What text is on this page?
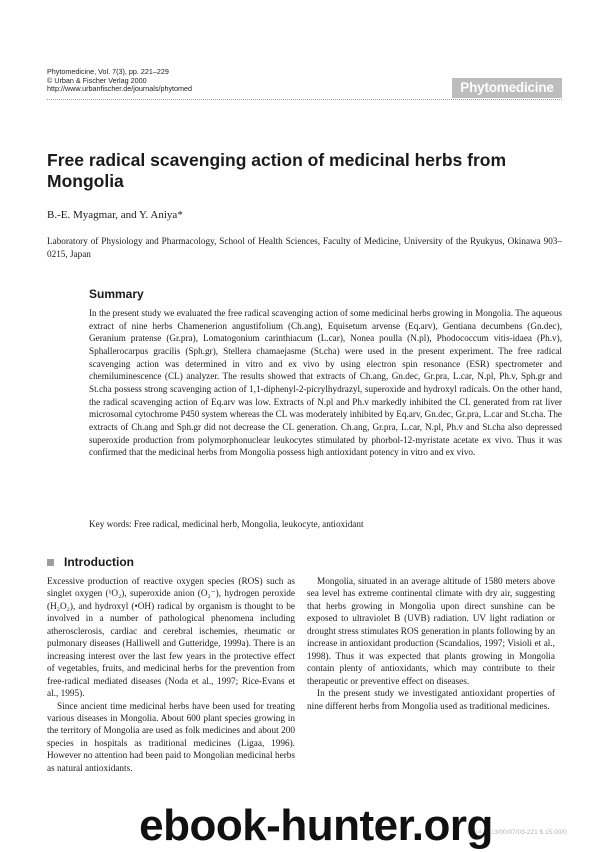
Phytomedicine, Vol. 7(3), pp. 221–229
© Urban & Fischer Verlag 2000
http://www.urbanfischer.de/journals/phytomed	Phytomedicine
Free radical scavenging action of medicinal herbs from Mongolia
B.-E. Myagmar, and Y. Aniya*
Laboratory of Physiology and Pharmacology, School of Health Sciences, Faculty of Medicine, University of the Ryukyus, Okinawa 903–0215, Japan
Summary

In the present study we evaluated the free radical scavenging action of some medicinal herbs growing in Mongolia. The aqueous extract of nine herbs Chamenerion angustifolium (Ch.ang), Equisetum arvense (Eq.arv), Gentiana decumbens (Gn.dec), Geranium pratense (Gr.pra), Lomatogonium carinthiacum (L.car), Nonea poulla (N.pl), Phodococcum vitis-idaea (Ph.v), Sphallerocarpus gracilis (Sph.gr), Stellera chamaejasme (St.cha) were used in the present experiment. The free radical scavenging action was determined in vitro and ex vivo by using electron spin resonance (ESR) spectrometer and chemiluminescence (CL) analyzer. The results showed that extracts of Ch.ang, Gn.dec, Gr.pra, L.car, N.pl, Ph.v, Sph.gr and St.cha possess strong scavenging action of 1,1-diphenyl-2-picrylhydrazyl, superoxide and hydroxyl radicals. On the other hand, the radical scavenging action of Eq.arv was low. Extracts of N.pl and Ph.v markedly inhibited the CL generated from rat liver microsomal cytochrome P450 system whereas the CL was moderately inhibited by Eq.arv, Gn.dec, Gr.pra, L.car and St.cha. The extracts of Ch.ang and Sph.gr did not decrease the CL generation. Ch.ang, Gr.pra, L.car, N.pl, Ph.v and St.cha also depressed superoxide production from polymorphonuclear leukocytes stimulated by phorbol-12-myristate acetate ex vivo. Thus it was confirmed that the medicinal herbs from Mongolia possess high antioxidant potency in vitro and ex vivo.

Key words: Free radical, medicinal herb, Mongolia, leukocyte, antioxidant
Introduction

Excessive production of reactive oxygen species (ROS) such as singlet oxygen (¹O₂), superoxide anion (O₂⁻), hydrogen peroxide (H₂O₂), and hydroxyl (•OH) radical by organism is thought to be involved in a number of pathological phenomena including atherosclerosis, cardiac and cerebral ischemies, rheumatic or pulmonary diseases (Halliwell and Gutteridge, 1999a). There is an increasing interest over the last few years in the protective effect of vegetables, fruits, and medicinal herbs for the prevention from free-radical mediated diseases (Noda et al., 1997; Rice-Evans et al., 1995).

Since ancient time medicinal herbs have been used for treating various diseases in Mongolia. About 600 plant species growing in the territory of Mongolia are used as folk medicines and about 200 species in hospitals as traditional medicines (Ligaa, 1996). However no attention had been paid to Mongolian medicinal herbs as natural antioxidants.

Mongolia, situated in an average altitude of 1580 meters above sea level has extreme continental climate with dry air, suggesting that herbs growing in Mongolia upon direct sunshine can be exposed to ultraviolet B (UVB) radiation. UV light radiation or drought stress stimulates ROS generation in plants following by an increase in antioxidant production (Scandalios, 1997; Visioli et al., 1998). Thus it was expected that plants growing in Mongolia contain plenty of antioxidants, which may contribute to their therapeutic or preventive effect on diseases.

In the present study we investigated antioxidant properties of nine different herbs from Mongolia used as traditional medicines.

ebook-hunter.org
